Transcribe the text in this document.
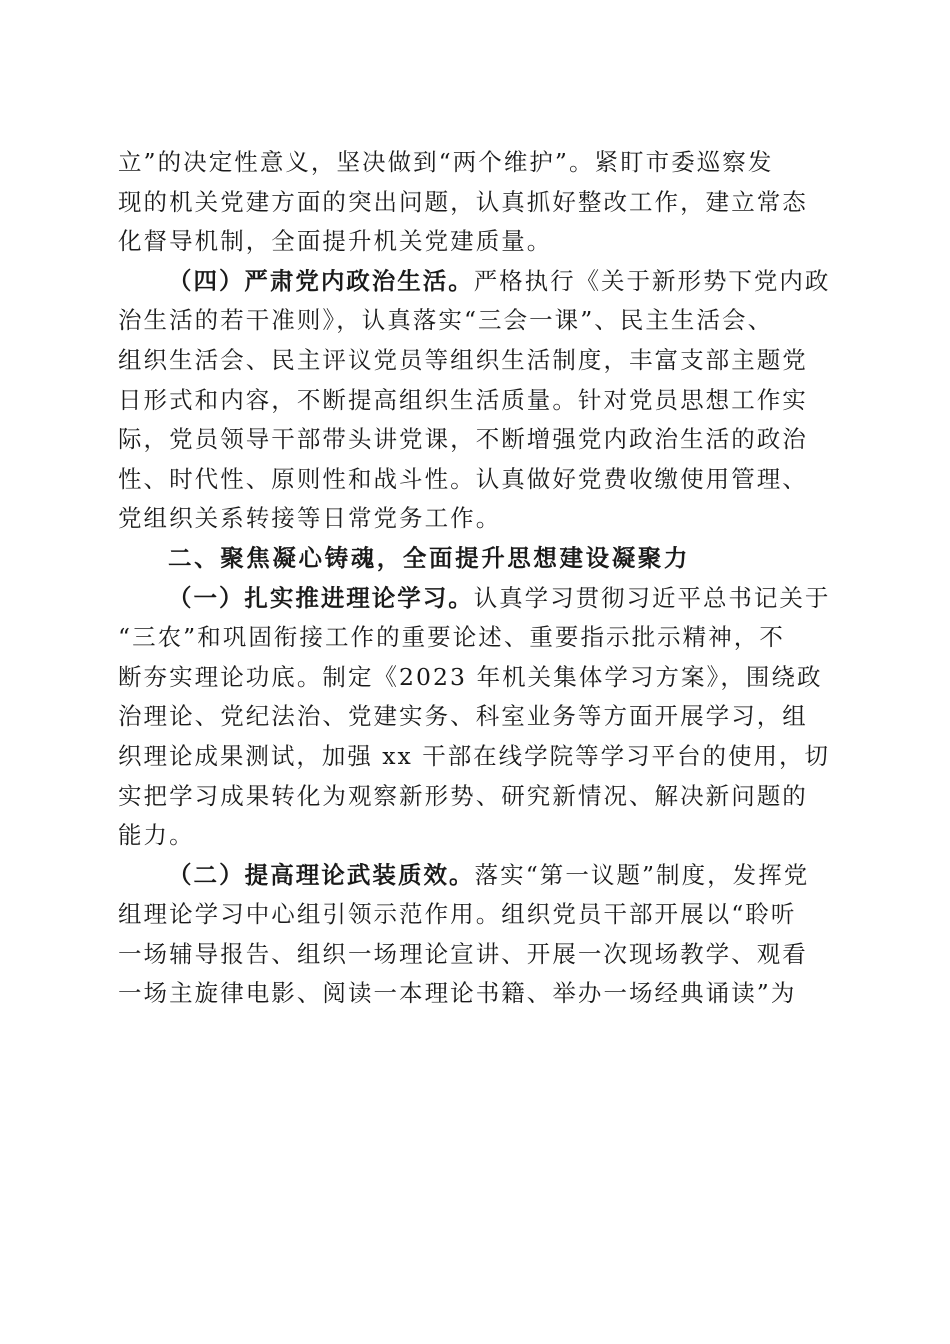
立”的决定性意义，坚决做到“两个维护”。紧盯市委巡察发
现的机关党建方面的突出问题，认真抓好整改工作，建立常态
化督导机制，全面提升机关党建质量。
（四）严肃党内政治生活。严格执行《关于新形势下党内政
治生活的若干准则》，认真落实“三会一课”、民主生活会、
组织生活会、民主评议党员等组织生活制度，丰富支部主题党
日形式和内容，不断提高组织生活质量。针对党员思想工作实
际，党员领导干部带头讲党课，不断增强党内政治生活的政治
性、时代性、原则性和战斗性。认真做好党费收缴使用管理、
党组织关系转接等日常党务工作。
二、聚焦凝心铸魂，全面提升思想建设凝聚力
（一）扎实推进理论学习。认真学习贯彻习近平总书记关于
“三农”和巩固衔接工作的重要论述、重要指示批示精神，不
断夯实理论功底。制定《2023 年机关集体学习方案》，围绕政
治理论、党纪法治、党建实务、科室业务等方面开展学习，组
织理论成果测试，加强 xx 干部在线学院等学习平台的使用，切
实把学习成果转化为观察新形势、研究新情况、解决新问题的
能力。
（二）提高理论武装质效。落实“第一议题”制度，发挥党
组理论学习中心组引领示范作用。组织党员干部开展以“聆听
一场辅导报告、组织一场理论宣讲、开展一次现场教学、观看
一场主旋律电影、阅读一本理论书籍、举办一场经典诵读”为
